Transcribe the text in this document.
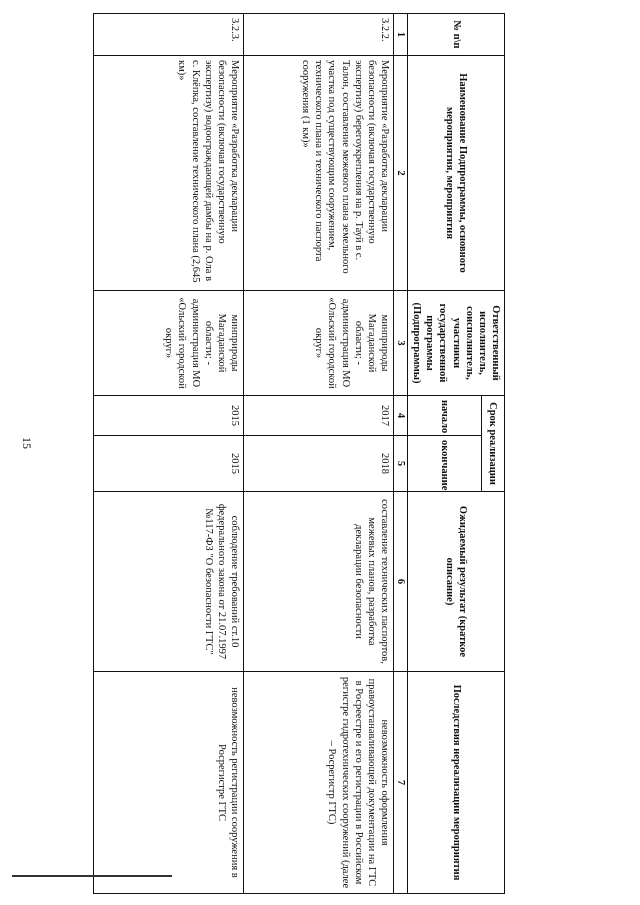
15
№ п\п	Наименование Подпрограммы, основного мероприятия, мероприятия	Ответственный исполнитель, соисполнитель, участники государственной программы (Подпрограммы)	Срок реализации		Ожидаемый результат (краткое описание)	Последствия нереализации мероприятия
			начало	окончание		
1	2	3	4	5	6	7
3.2.2.	Мероприятие «Разработка декларации безопасности (включая государственную экспертизу) берегоукрепления на р. Тауй в с. Талон, составление межевого плана земельного участка под существующим сооружением, технического плана и технического паспорта сооружения (1 км)»	минприроды Магаданской области; - администрация МО «Ольский городской округ»	2017	2018	составление технических паспортов, межевых планов, разработка декларации безопасности	невозможность оформления правоустанавливающей документации на ГТС в Росреестре и его регистрации в Российском регистре гидротехнических сооружений (далее – Росрегистр ГТС)
3.2.3.	Мероприятие «Разработка декларации безопасности (включая государственную экспертизу) водоограждающей дамбы на р. Ола в с. Клёпка, составление технического плана (2,645 км)»	минприроды Магаданской области; - администрация МО «Ольский городской округ»	2015	2015	соблюдение требований ст.10 федерального закона от 21.07.1997 №117-ФЗ "О безопасности ГТС"	невозможность регистрации сооружения в Росрегистре ГТС
